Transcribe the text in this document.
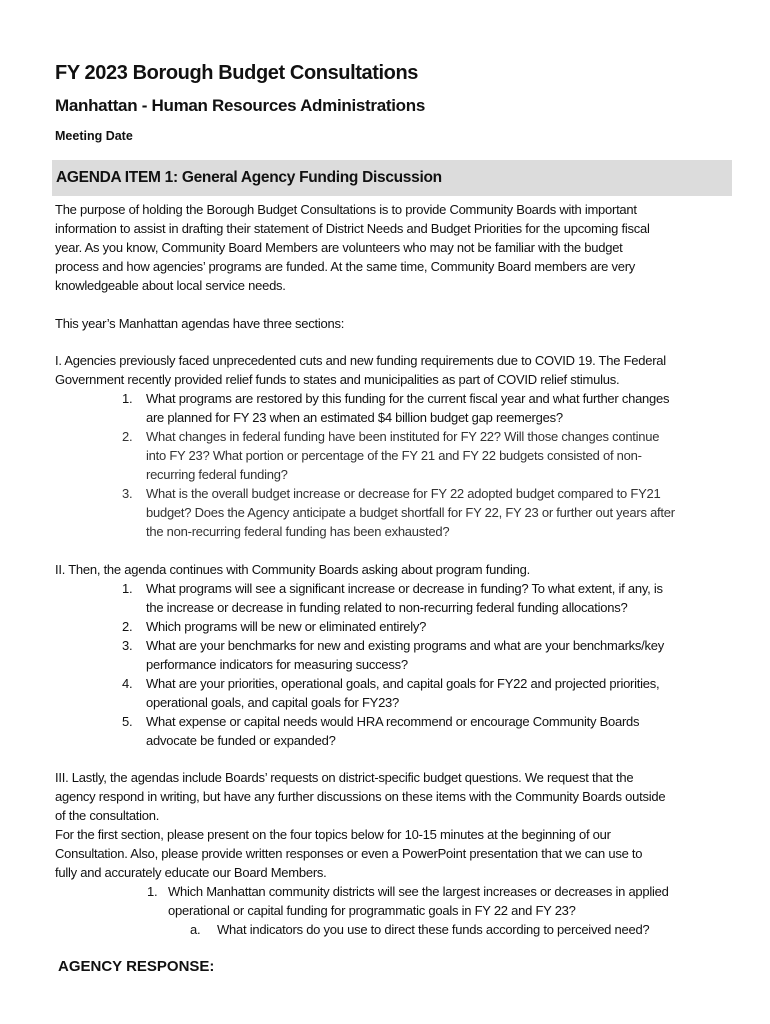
FY 2023 Borough Budget Consultations
Manhattan - Human Resources Administrations
Meeting Date
AGENDA ITEM 1: General Agency Funding Discussion
The purpose of holding the Borough Budget Consultations is to provide Community Boards with important
information to assist in drafting their statement of District Needs and Budget Priorities for the upcoming fiscal
year. As you know, Community Board Members are volunteers who may not be familiar with the budget
process and how agencies’ programs are funded. At the same time, Community Board members are very
knowledgeable about local service needs.
This year’s Manhattan agendas have three sections:
I. Agencies previously faced unprecedented cuts and new funding requirements due to COVID 19. The Federal
Government recently provided relief funds to states and municipalities as part of COVID relief stimulus.
1. What programs are restored by this funding for the current fiscal year and what further changes
are planned for FY 23 when an estimated $4 billion budget gap reemerges?
2. What changes in federal funding have been instituted for FY 22? Will those changes continue
into FY 23? What portion or percentage of the FY 21 and FY 22 budgets consisted of non-
recurring federal funding?
3. What is the overall budget increase or decrease for FY 22 adopted budget compared to FY21
budget? Does the Agency anticipate a budget shortfall for FY 22, FY 23 or further out years after
the non-recurring federal funding has been exhausted?
II. Then, the agenda continues with Community Boards asking about program funding.
1. What programs will see a significant increase or decrease in funding? To what extent, if any, is
the increase or decrease in funding related to non-recurring federal funding allocations?
2. Which programs will be new or eliminated entirely?
3. What are your benchmarks for new and existing programs and what are your benchmarks/key
performance indicators for measuring success?
4. What are your priorities, operational goals, and capital goals for FY22 and projected priorities,
operational goals, and capital goals for FY23?
5. What expense or capital needs would HRA recommend or encourage Community Boards
advocate be funded or expanded?
III. Lastly, the agendas include Boards’ requests on district-specific budget questions. We request that the
agency respond in writing, but have any further discussions on these items with the Community Boards outside
of the consultation.
For the first section, please present on the four topics below for 10-15 minutes at the beginning of our
Consultation. Also, please provide written responses or even a PowerPoint presentation that we can use to
fully and accurately educate our Board Members.
1. Which Manhattan community districts will see the largest increases or decreases in applied
operational or capital funding for programmatic goals in FY 22 and FY 23?
a. What indicators do you use to direct these funds according to perceived need?
AGENCY RESPONSE:
